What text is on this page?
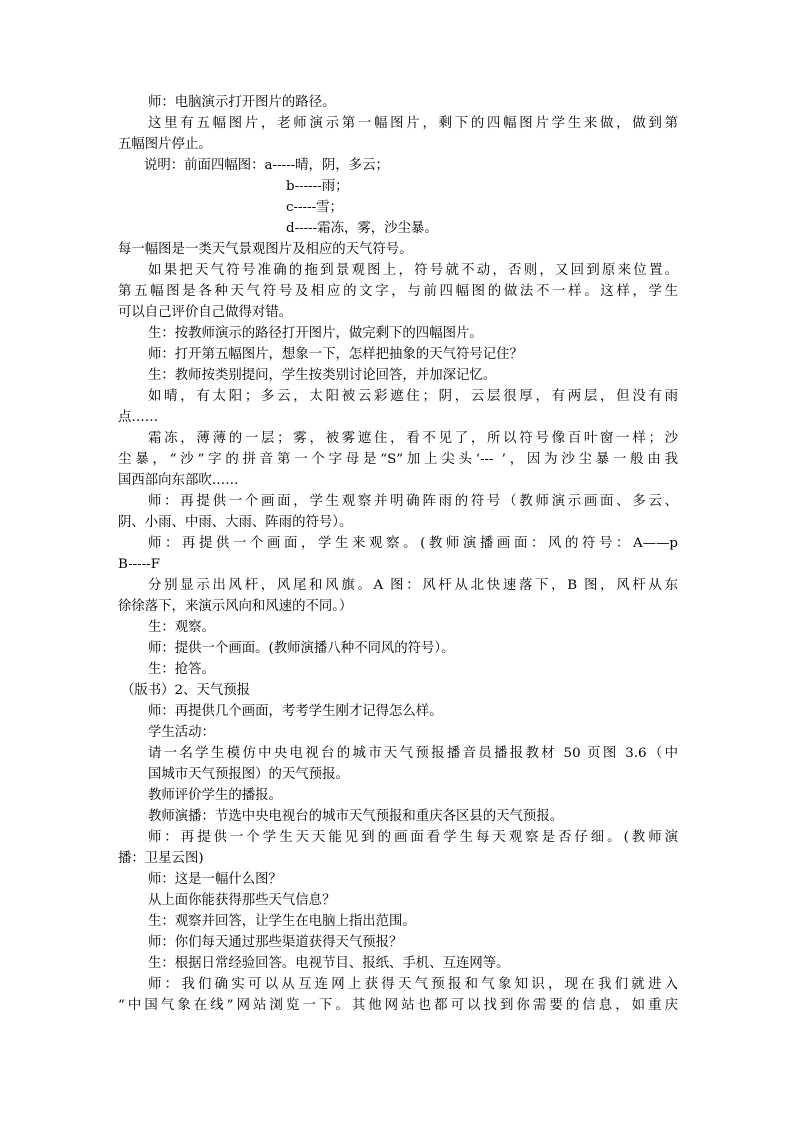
师：电脑演示打开图片的路径。
这里有五幅图片，老师演示第一幅图片，剩下的四幅图片学生来做，做到第
五幅图片停止。
说明：前面四幅图：a-----晴，阴，多云；
b------雨；
c-----雪；
d-----霜冻，雾，沙尘暴。
每一幅图是一类天气景观图片及相应的天气符号。
如果把天气符号准确的拖到景观图上，符号就不动，否则，又回到原来位置。
第五幅图是各种天气符号及相应的文字，与前四幅图的做法不一样。这样，学生
可以自己评价自己做得对错。
生：按教师演示的路径打开图片，做完剩下的四幅图片。
师：打开第五幅图片，想象一下，怎样把抽象的天气符号记住？
生：教师按类别提问，学生按类别讨论回答，并加深记忆。
如晴，有太阳；多云，太阳被云彩遮住；阴，云层很厚，有两层，但没有雨
点……
霜冻，薄薄的一层；雾，被雾遮住，看不见了，所以符号像百叶窗一样；沙
尘暴，“沙”字的拼音第一个字母是“S”加上尖头‘--- ’，因为沙尘暴一般由我
国西部向东部吹……
师：再提供一个画面，学生观察并明确阵雨的符号（教师演示画面、多云、
阴、小雨、中雨、大雨、阵雨的符号）。
师：再提供一个画面，学生来观察。(教师演播画面：风的符号：A——p
B-----F
分别显示出风杆，风尾和风旗。A 图：风杆从北快速落下，B 图，风杆从东
徐徐落下，来演示风向和风速的不同。）
生：观察。
师：提供一个画面。(教师演播八种不同风的符号）。
生：抢答。
（版书）2、天气预报
师：再提供几个画面，考考学生刚才记得怎么样。
学生活动：
请一名学生模仿中央电视台的城市天气预报播音员播报教材 50 页图 3.6（中
国城市天气预报图）的天气预报。
教师评价学生的播报。
教师演播：节选中央电视台的城市天气预报和重庆各区县的天气预报。
师：再提供一个学生天天能见到的画面看学生每天观察是否仔细。(教师演
播：卫星云图)
师：这是一幅什么图？
从上面你能获得那些天气信息？
生：观察并回答，让学生在电脑上指出范围。
师：你们每天通过那些渠道获得天气预报？
生：根据日常经验回答。电视节目、报纸、手机、互连网等。
师：我们确实可以从互连网上获得天气预报和气象知识，现在我们就进入
“中国气象在线”网站浏览一下。其他网站也都可以找到你需要的信息，如重庆
